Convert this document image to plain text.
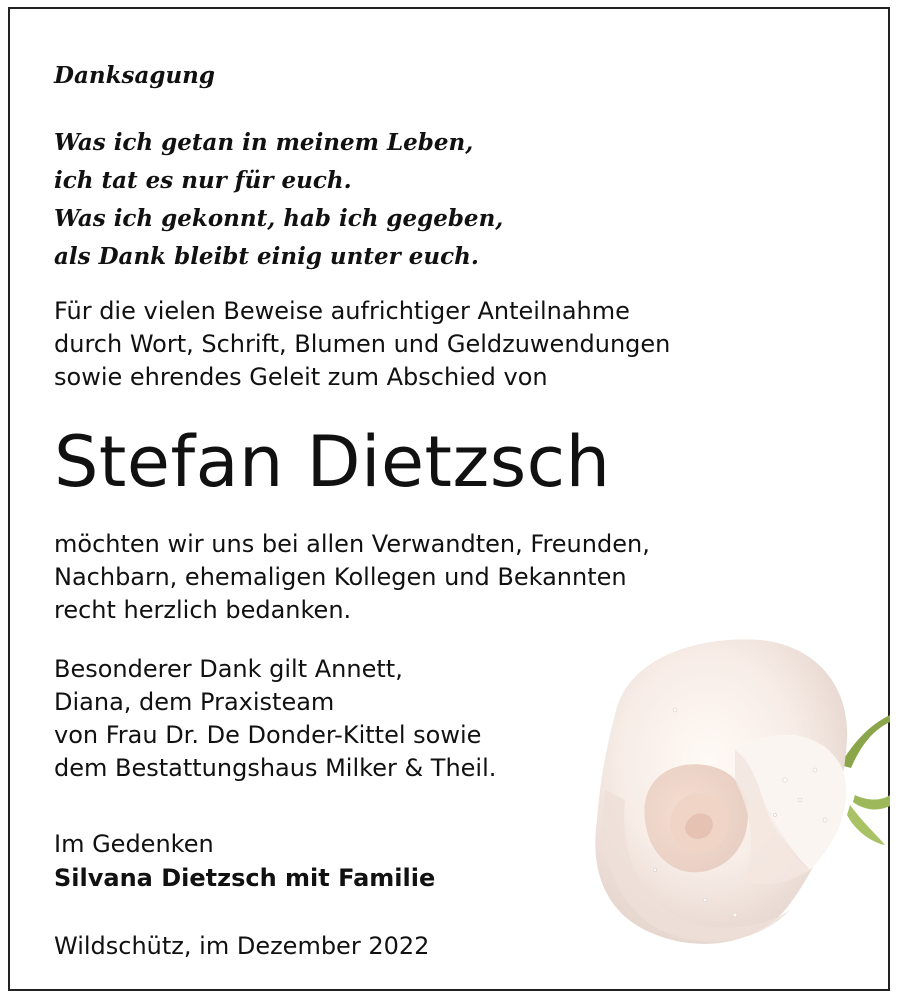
Danksagung

Was ich getan in meinem Leben,
ich tat es nur für euch.
Was ich gekonnt, hab ich gegeben,
als Dank bleibt einig unter euch.

Für die vielen Beweise aufrichtiger Anteilnahme
durch Wort, Schrift, Blumen und Geldzuwendungen
sowie ehrendes Geleit zum Abschied von

Stefan Dietzsch

möchten wir uns bei allen Verwandten, Freunden,
Nachbarn, ehemaligen Kollegen und Bekannten
recht herzlich bedanken.

Besonderer Dank gilt Annett,
Diana, dem Praxisteam
von Frau Dr. De Donder-Kittel sowie
dem Bestattungshaus Milker & Theil.

Im Gedenken
Silvana Dietzsch mit Familie

Wildschütz, im Dezember 2022
